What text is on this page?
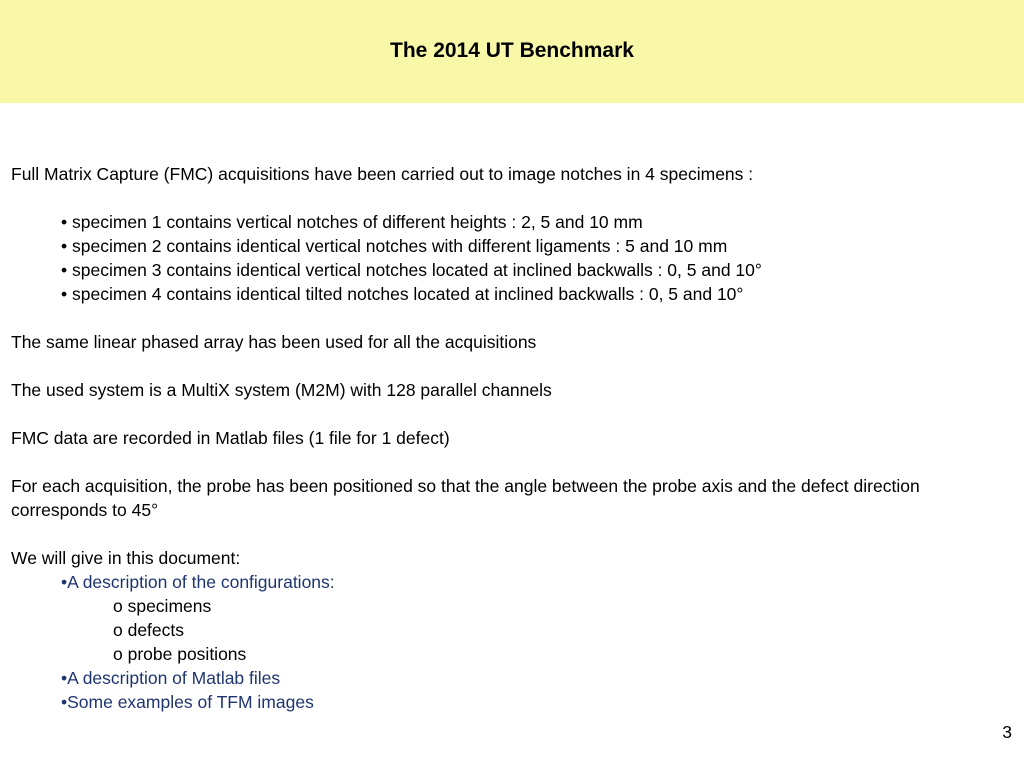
The 2014 UT Benchmark

Full Matrix Capture (FMC) acquisitions have been carried out to image notches in 4 specimens :

• specimen 1 contains vertical notches of different heights : 2, 5 and 10 mm

• specimen 2 contains identical vertical notches with different ligaments : 5 and 10 mm

• specimen 3 contains identical vertical notches located at inclined backwalls : 0, 5 and 10°

• specimen 4 contains identical tilted notches located at inclined backwalls : 0, 5 and 10°

The same linear phased array has been used for all the acquisitions

The used system is a MultiX system (M2M) with 128 parallel channels

FMC data are recorded in Matlab files (1 file for 1 defect)

For each acquisition, the probe has been positioned so that the angle between the probe axis and the defect direction corresponds to 45°

We will give in this document:

•A description of the configurations:

o specimens

o defects

o probe positions

•A description of Matlab files

•Some examples of TFM images

3
